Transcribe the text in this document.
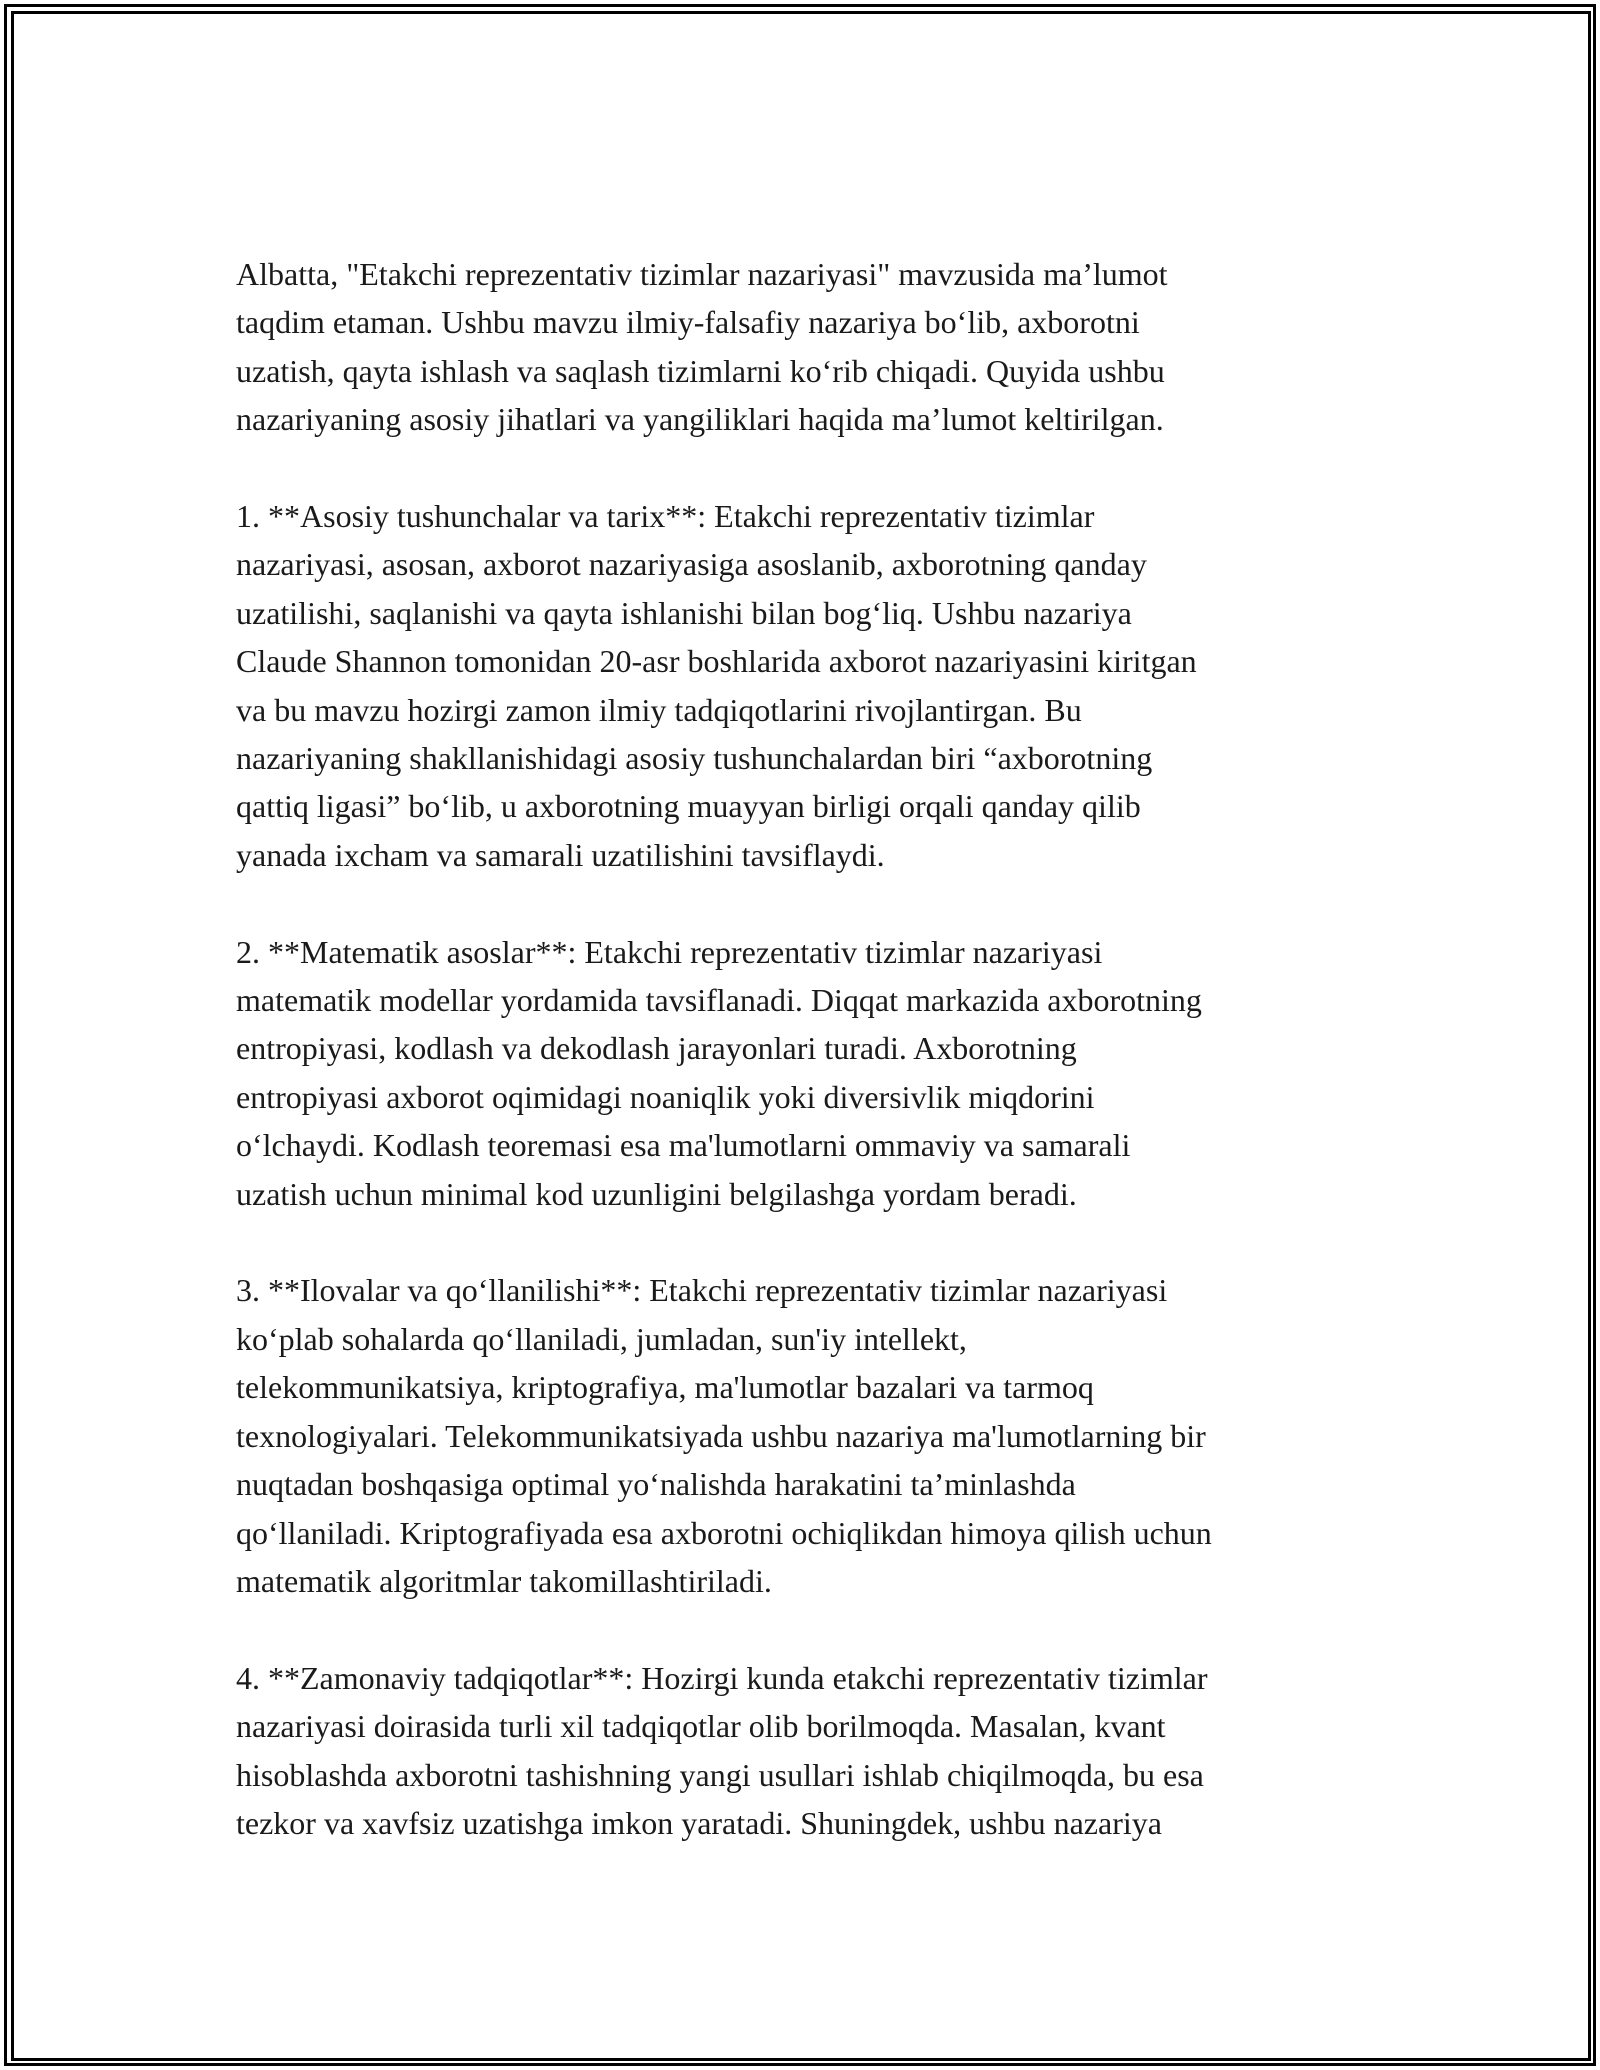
Albatta, "Etakchi reprezentativ tizimlar nazariyasi" mavzusida ma’lumot
taqdim etaman. Ushbu mavzu ilmiy-falsafiy nazariya bo‘lib, axborotni
uzatish, qayta ishlash va saqlash tizimlarni ko‘rib chiqadi. Quyida ushbu
nazariyaning asosiy jihatlari va yangiliklari haqida ma’lumot keltirilgan.
1. **Asosiy tushunchalar va tarix**: Etakchi reprezentativ tizimlar
nazariyasi, asosan, axborot nazariyasiga asoslanib, axborotning qanday
uzatilishi, saqlanishi va qayta ishlanishi bilan bog‘liq. Ushbu nazariya
Claude Shannon tomonidan 20-asr boshlarida axborot nazariyasini kiritgan
va bu mavzu hozirgi zamon ilmiy tadqiqotlarini rivojlantirgan. Bu
nazariyaning shakllanishidagi asosiy tushunchalardan biri “axborotning
qattiq ligasi” bo‘lib, u axborotning muayyan birligi orqali qanday qilib
yanada ixcham va samarali uzatilishini tavsiflaydi.
2. **Matematik asoslar**: Etakchi reprezentativ tizimlar nazariyasi
matematik modellar yordamida tavsiflanadi. Diqqat markazida axborotning
entropiyasi, kodlash va dekodlash jarayonlari turadi. Axborotning
entropiyasi axborot oqimidagi noaniqlik yoki diversivlik miqdorini
o‘lchaydi. Kodlash teoremasi esa ma'lumotlarni ommaviy va samarali
uzatish uchun minimal kod uzunligini belgilashga yordam beradi.
3. **Ilovalar va qo‘llanilishi**: Etakchi reprezentativ tizimlar nazariyasi
ko‘plab sohalarda qo‘llaniladi, jumladan, sun'iy intellekt,
telekommunikatsiya, kriptografiya, ma'lumotlar bazalari va tarmoq
texnologiyalari. Telekommunikatsiyada ushbu nazariya ma'lumotlarning bir
nuqtadan boshqasiga optimal yo‘nalishda harakatini ta’minlashda
qo‘llaniladi. Kriptografiyada esa axborotni ochiqlikdan himoya qilish uchun
matematik algoritmlar takomillashtiriladi.
4. **Zamonaviy tadqiqotlar**: Hozirgi kunda etakchi reprezentativ tizimlar
nazariyasi doirasida turli xil tadqiqotlar olib borilmoqda. Masalan, kvant
hisoblashda axborotni tashishning yangi usullari ishlab chiqilmoqda, bu esa
tezkor va xavfsiz uzatishga imkon yaratadi. Shuningdek, ushbu nazariya
